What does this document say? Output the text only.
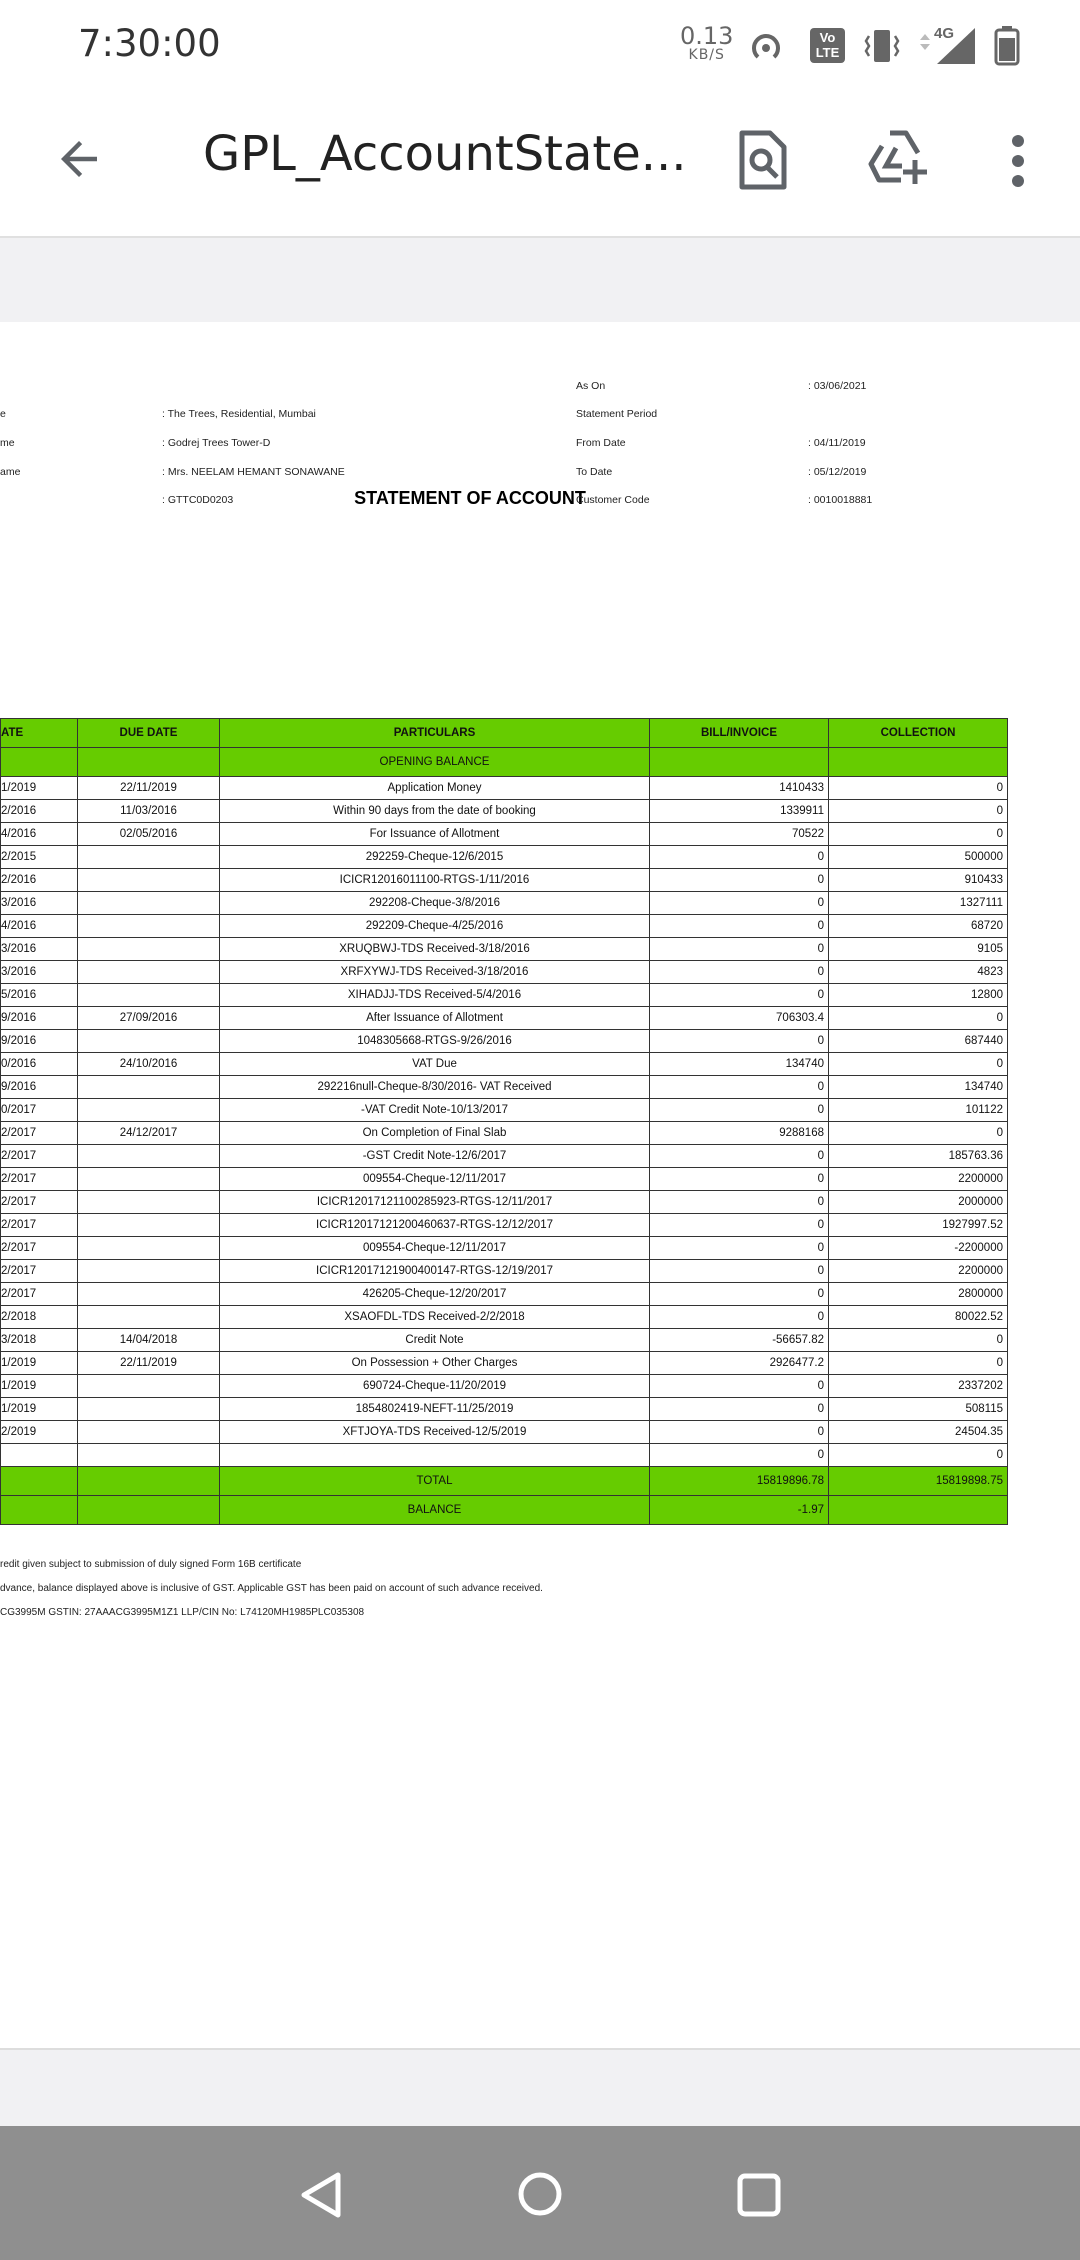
7:30:00	0.13
KB/S
Vo
LTE
4G
GPL_AccountState...
STATEMENT OF ACCOUNT
e	: The Trees, Residential, Mumbai
me	: Godrej Trees Tower-D
ame	: Mrs. NEELAM HEMANT SONAWANE
: GTTC0D0203
As On	: 03/06/2021
Statement Period
From Date	: 04/11/2019
To Date	: 05/12/2019
Customer Code	: 0010018881
ATE	DUE DATE	PARTICULARS	BILL/INVOICE	COLLECTION
		OPENING BALANCE		
1/2019	22/11/2019	Application Money	1410433	0
2/2016	11/03/2016	Within 90 days from the date of booking	1339911	0
4/2016	02/05/2016	For Issuance of Allotment	70522	0
2/2015		292259-Cheque-12/6/2015	0	500000
2/2016		ICICR12016011100-RTGS-1/11/2016	0	910433
3/2016		292208-Cheque-3/8/2016	0	1327111
4/2016		292209-Cheque-4/25/2016	0	68720
3/2016		XRUQBWJ-TDS Received-3/18/2016	0	9105
3/2016		XRFXYWJ-TDS Received-3/18/2016	0	4823
5/2016		XIHADJJ-TDS Received-5/4/2016	0	12800
9/2016	27/09/2016	After Issuance of Allotment	706303.4	0
9/2016		1048305668-RTGS-9/26/2016	0	687440
0/2016	24/10/2016	VAT Due	134740	0
9/2016		292216null-Cheque-8/30/2016- VAT Received	0	134740
0/2017		-VAT Credit Note-10/13/2017	0	101122
2/2017	24/12/2017	On Completion of Final Slab	9288168	0
2/2017		-GST Credit Note-12/6/2017	0	185763.36
2/2017		009554-Cheque-12/11/2017	0	2200000
2/2017		ICICR12017121100285923-RTGS-12/11/2017	0	2000000
2/2017		ICICR12017121200460637-RTGS-12/12/2017	0	1927997.52
2/2017		009554-Cheque-12/11/2017	0	-2200000
2/2017		ICICR12017121900400147-RTGS-12/19/2017	0	2200000
2/2017		426205-Cheque-12/20/2017	0	2800000
2/2018		XSAOFDL-TDS Received-2/2/2018	0	80022.52
3/2018	14/04/2018	Credit Note	-56657.82	0
1/2019	22/11/2019	On Possession + Other Charges	2926477.2	0
1/2019		690724-Cheque-11/20/2019	0	2337202
1/2019		1854802419-NEFT-11/25/2019	0	508115
2/2019		XFTJOYA-TDS Received-12/5/2019	0	24504.35
			0	0
		TOTAL	15819896.78	15819898.75
		BALANCE	-1.97	
redit given subject to submission of duly signed Form 16B certificate
dvance, balance displayed above is inclusive of GST. Applicable GST has been paid on account of such advance received.
CG3995M GSTIN: 27AAACG3995M1Z1 LLP/CIN No: L74120MH1985PLC035308
